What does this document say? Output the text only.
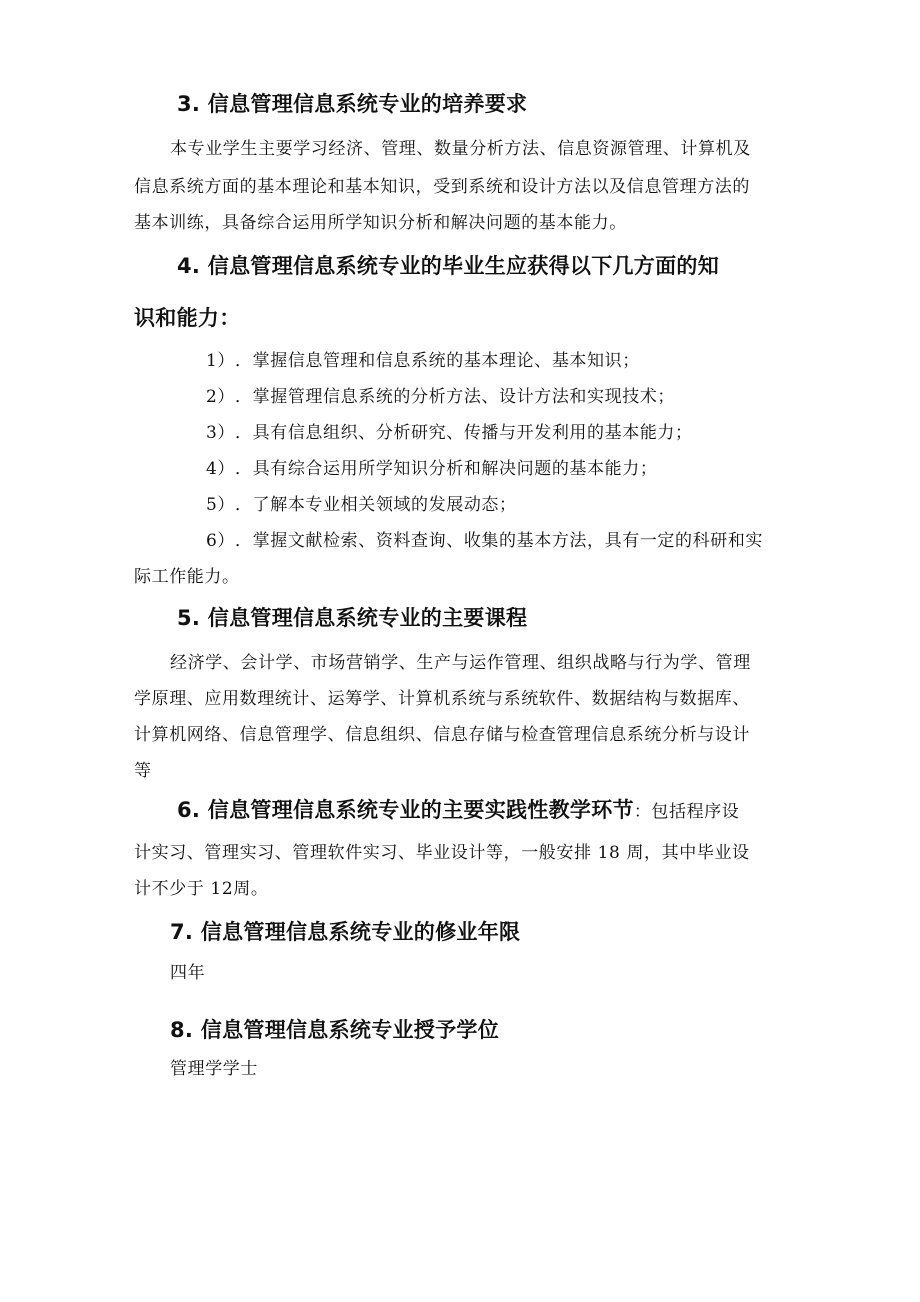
3. 信息管理信息系统专业的培养要求
本专业学生主要学习经济、管理、数量分析方法、信息资源管理、计算机及
信息系统方面的基本理论和基本知识，受到系统和设计方法以及信息管理方法的
基本训练，具备综合运用所学知识分析和解决问题的基本能力。
4. 信息管理信息系统专业的毕业生应获得以下几方面的知
识和能力：
1）．掌握信息管理和信息系统的基本理论、基本知识；
2）．掌握管理信息系统的分析方法、设计方法和实现技术；
3）．具有信息组织、分析研究、传播与开发利用的基本能力；
4）．具有综合运用所学知识分析和解决问题的基本能力；
5）．了解本专业相关领域的发展动态；
6）．掌握文献检索、资料查询、收集的基本方法，具有一定的科研和实
际工作能力。
5. 信息管理信息系统专业的主要课程
经济学、会计学、市场营销学、生产与运作管理、组织战略与行为学、管理
学原理、应用数理统计、运筹学、计算机系统与系统软件、数据结构与数据库、
计算机网络、信息管理学、信息组织、信息存储与检查管理信息系统分析与设计
等
6. 信息管理信息系统专业的主要实践性教学环节：包括程序设
计实习、管理实习、管理软件实习、毕业设计等，一般安排 18 周，其中毕业设
计不少于 12周。
7. 信息管理信息系统专业的修业年限
四年
8. 信息管理信息系统专业授予学位
管理学学士
